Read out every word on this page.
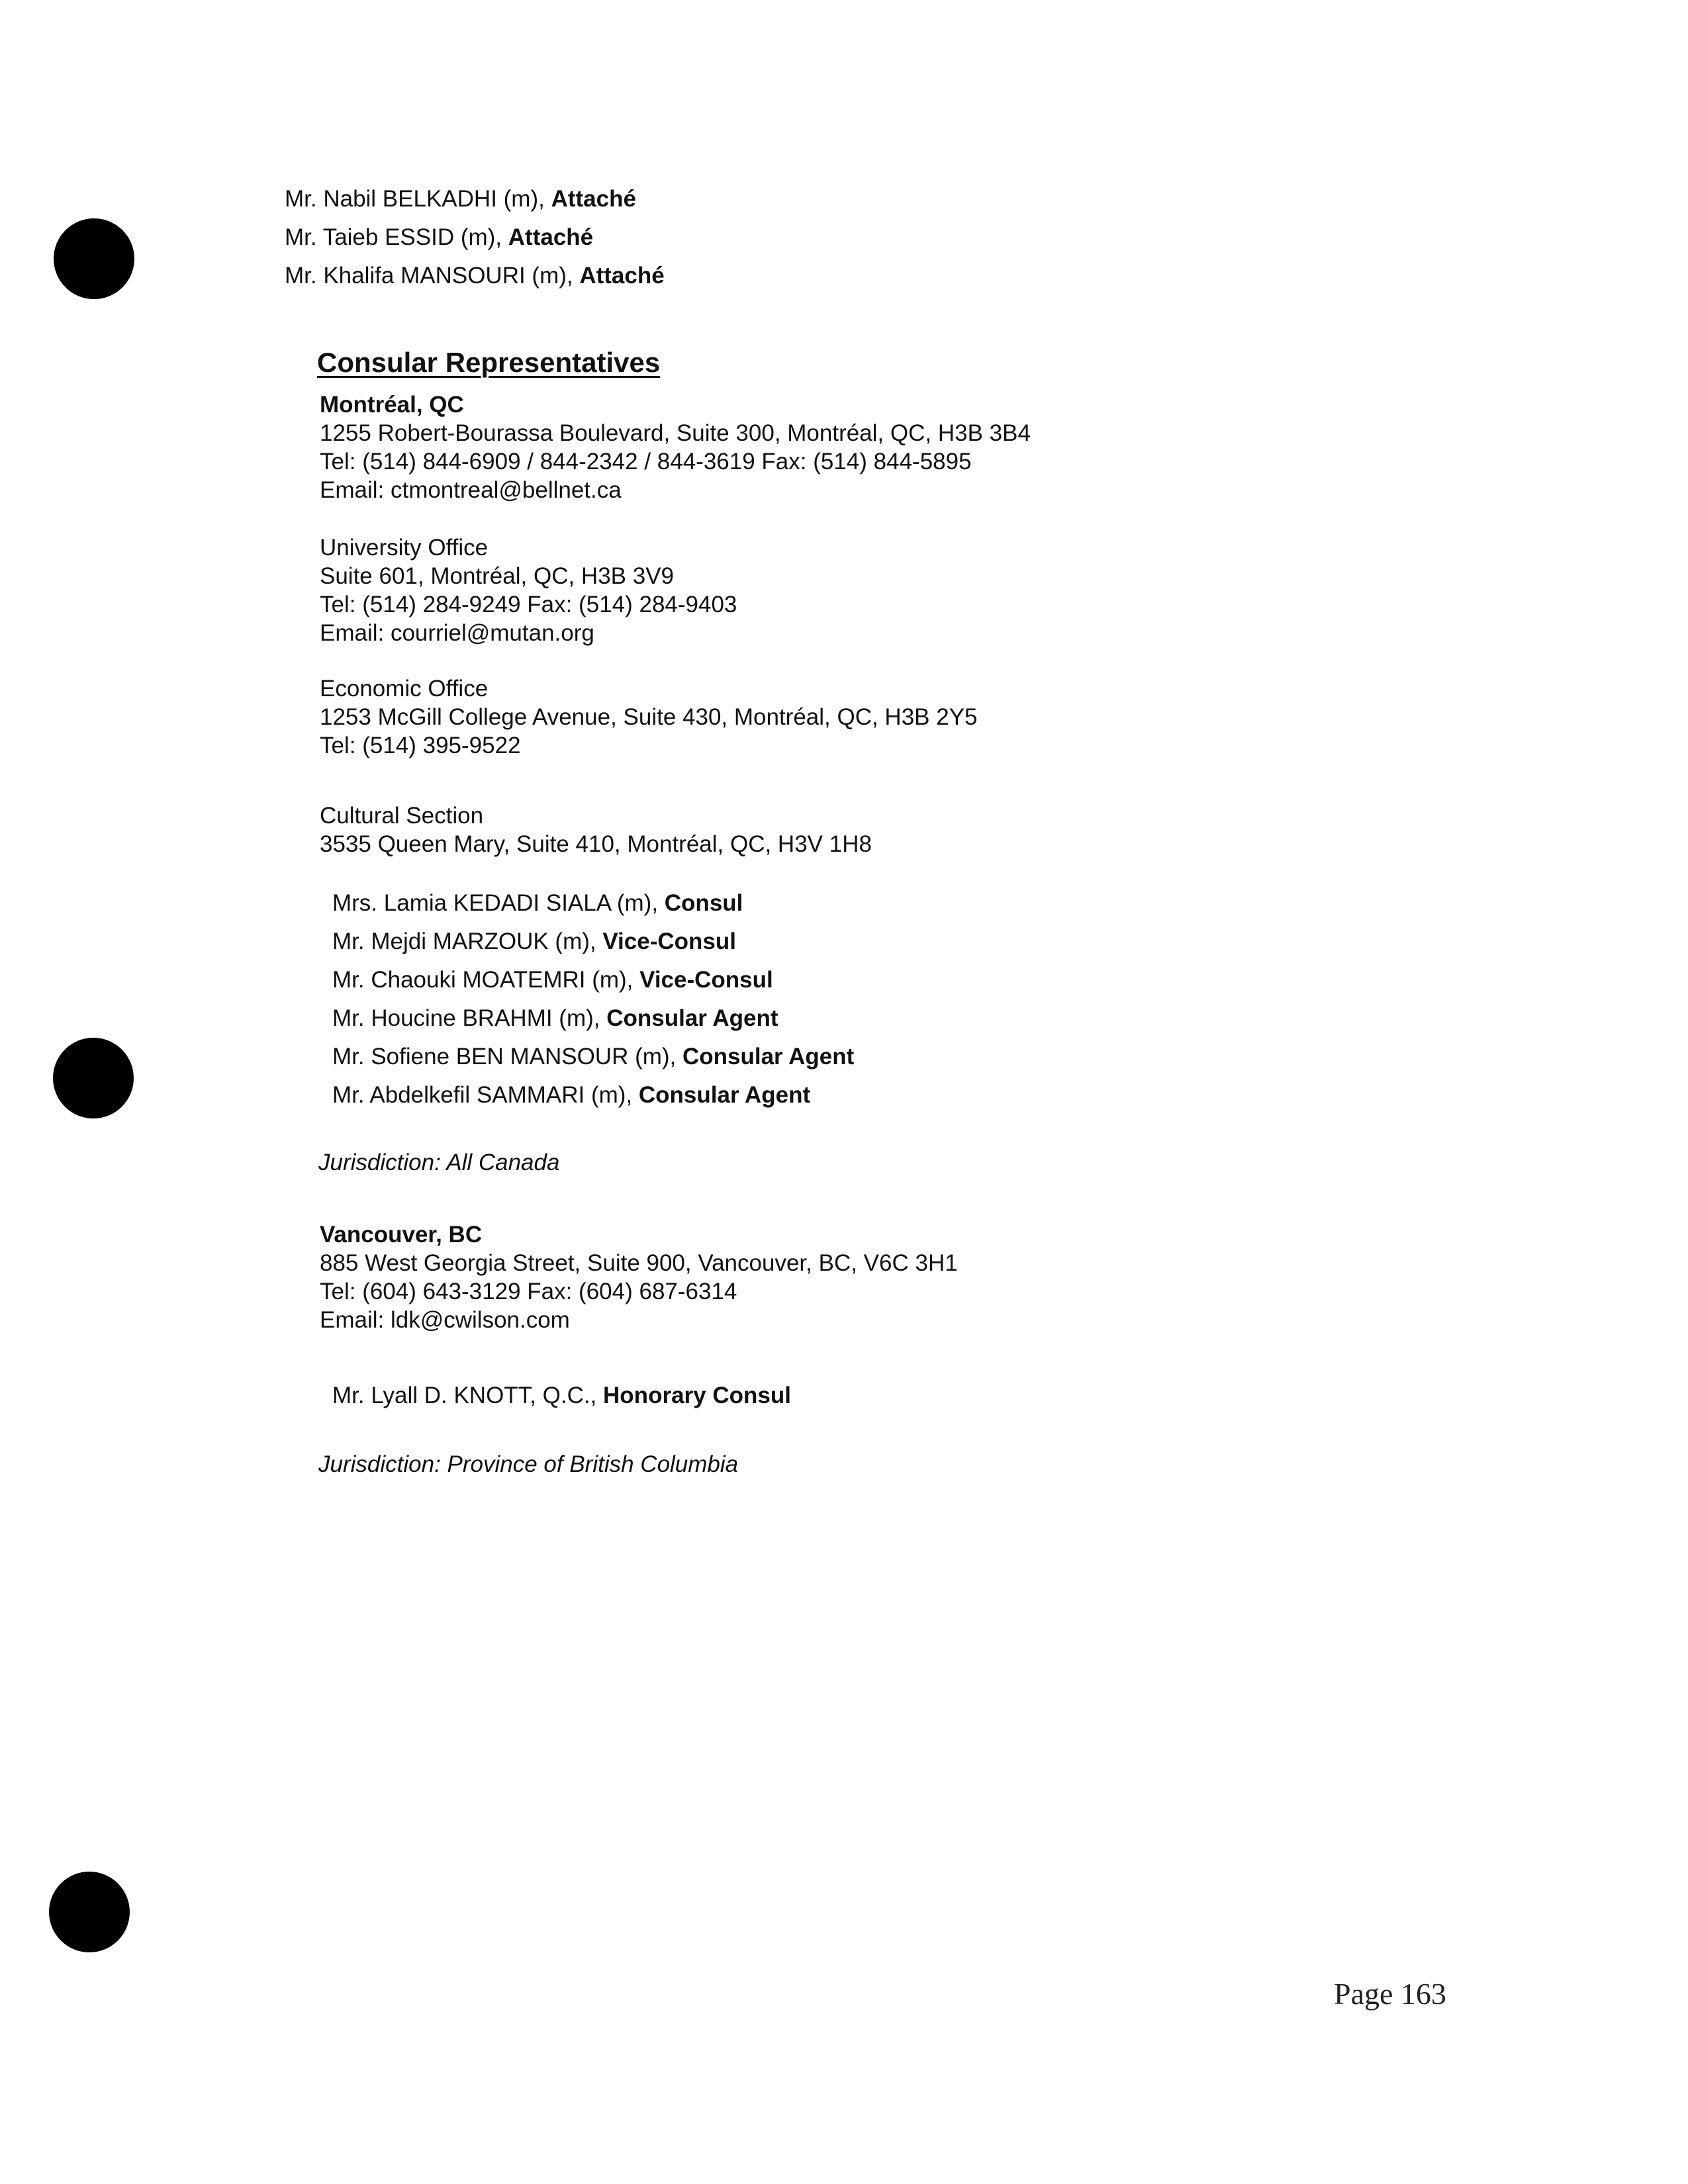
Mr. Nabil BELKADHI (m), Attaché
Mr. Taieb ESSID (m), Attaché
Mr. Khalifa MANSOURI (m), Attaché
Consular Representatives
Montréal, QC
1255 Robert-Bourassa Boulevard, Suite 300, Montréal, QC, H3B 3B4
Tel: (514) 844-6909 / 844-2342 / 844-3619 Fax: (514) 844-5895
Email: ctmontreal@bellnet.ca
University Office
Suite 601, Montréal, QC, H3B 3V9
Tel: (514) 284-9249 Fax: (514) 284-9403
Email: courriel@mutan.org
Economic Office
1253 McGill College Avenue, Suite 430, Montréal, QC, H3B 2Y5
Tel: (514) 395-9522
Cultural Section
3535 Queen Mary, Suite 410, Montréal, QC, H3V 1H8
Mrs. Lamia KEDADI SIALA (m), Consul
Mr. Mejdi MARZOUK (m), Vice-Consul
Mr. Chaouki MOATEMRI (m), Vice-Consul
Mr. Houcine BRAHMI (m), Consular Agent
Mr. Sofiene BEN MANSOUR (m), Consular Agent
Mr. Abdelkefil SAMMARI (m), Consular Agent
Jurisdiction: All Canada
Vancouver, BC
885 West Georgia Street, Suite 900, Vancouver, BC, V6C 3H1
Tel: (604) 643-3129 Fax: (604) 687-6314
Email: ldk@cwilson.com
Mr. Lyall D. KNOTT, Q.C., Honorary Consul
Jurisdiction: Province of British Columbia
Page 163
